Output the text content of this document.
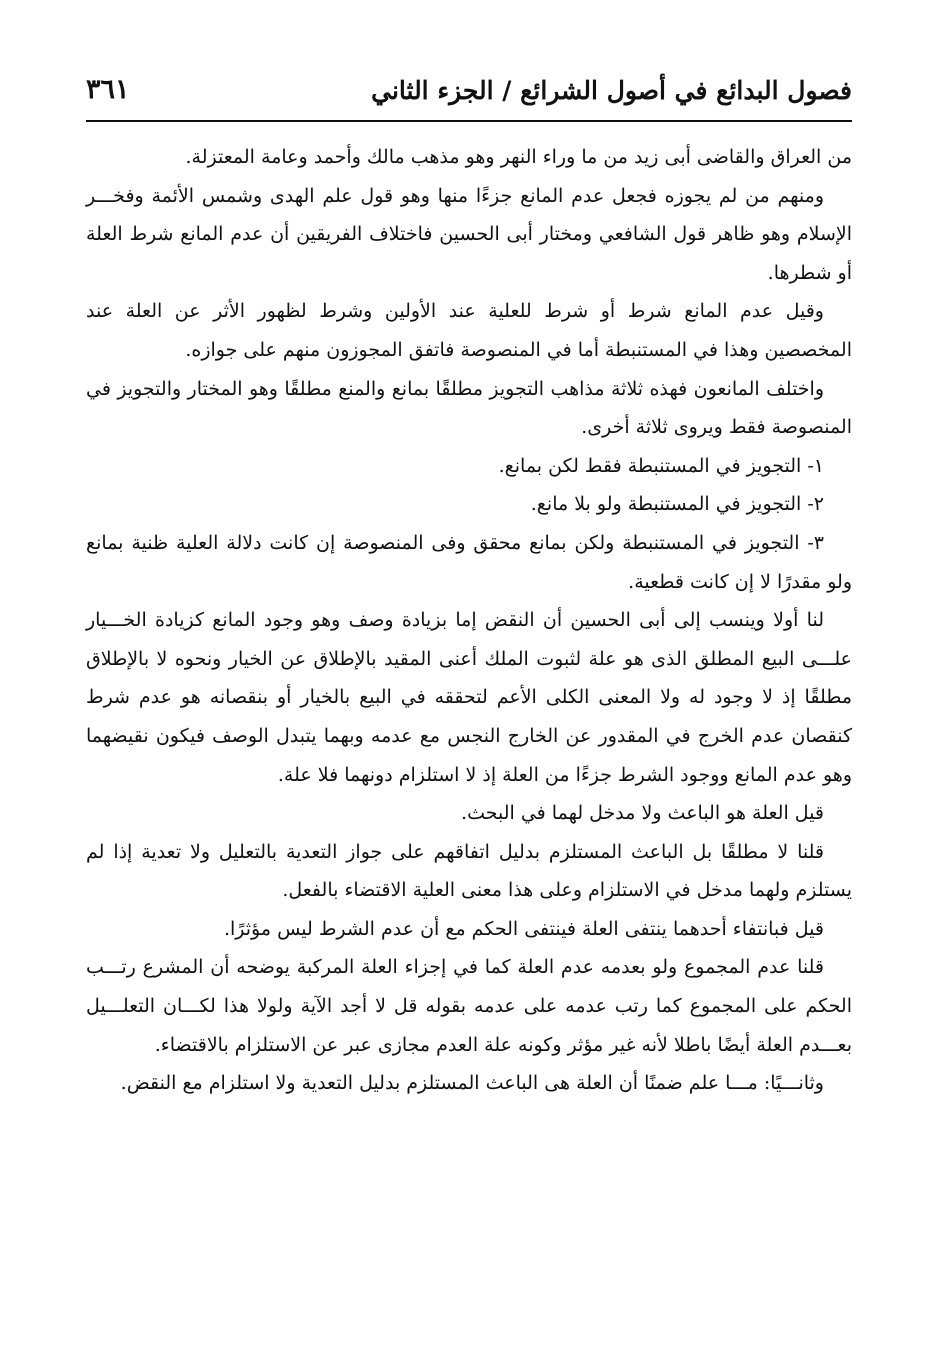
فصول البدائع في أصول الشرائع / الجزء الثاني
٣٦١

من العراق والقاضى أبى زيد من ما وراء النهر وهو مذهب مالك وأحمد وعامة المعتزلة.

ومنهم من لم يجوزه فجعل عدم المانع جزءًا منها وهو قول علم الهدى وشمس الأئمة وفخـــر الإسلام وهو ظاهر قول الشافعي ومختار أبى الحسين فاختلاف الفريقين أن عدم المانع شرط العلة أو شطرها.

وقيل عدم المانع شرط أو شرط للعلية عند الأولين وشرط لظهور الأثر عن العلة عند المخصصين وهذا في المستنبطة أما في المنصوصة فاتفق المجوزون منهم على جوازه.

واختلف المانعون فهذه ثلاثة مذاهب التجويز مطلقًا بمانع والمنع مطلقًا وهو المختار والتجويز في المنصوصة فقط ويروى ثلاثة أخرى.

١- التجويز في المستنبطة فقط لكن بمانع.

٢- التجويز في المستنبطة ولو بلا مانع.

٣- التجويز في المستنبطة ولكن بمانع محقق وفى المنصوصة إن كانت دلالة العلية ظنية بمانع ولو مقدرًا لا إن كانت قطعية.

لنا أولا وينسب إلى أبى الحسين أن النقض إما بزيادة وصف وهو وجود المانع كزيادة الخـــيار علـــى البيع المطلق الذى هو علة لثبوت الملك أعنى المقيد بالإطلاق عن الخيار ونحوه لا بالإطلاق مطلقًا إذ لا وجود له ولا المعنى الكلى الأعم لتحققه في البيع بالخيار أو بنقصانه هو عدم شرط كنقصان عدم الخرج في المقدور عن الخارج النجس مع عدمه وبهما يتبدل الوصف فيكون نقيضهما وهو عدم المانع ووجود الشرط جزءًا من العلة إذ لا استلزام دونهما فلا علة.

قيل العلة هو الباعث ولا مدخل لهما في البحث.

قلنا لا مطلقًا بل الباعث المستلزم بدليل اتفاقهم على جواز التعدية بالتعليل ولا تعدية إذا لم يستلزم ولهما مدخل في الاستلزام وعلى هذا معنى العلية الاقتضاء بالفعل.

قيل فبانتفاء أحدهما ينتفى العلة فينتفى الحكم مع أن عدم الشرط ليس مؤثرًا.

قلنا عدم المجموع ولو بعدمه عدم العلة كما في إجزاء العلة المركبة يوضحه أن المشرع رتـــب الحكم على المجموع كما رتب عدمه على عدمه بقوله قل لا أجد الآية ولولا هذا لكـــان التعلـــيل بعـــدم العلة أيضًا باطلا لأنه غير مؤثر وكونه علة العدم مجازى عبر عن الاستلزام بالاقتضاء.

وثانـــيًا: مـــا علم ضمنًا أن العلة هى الباعث المستلزم بدليل التعدية ولا استلزام مع النقض.
